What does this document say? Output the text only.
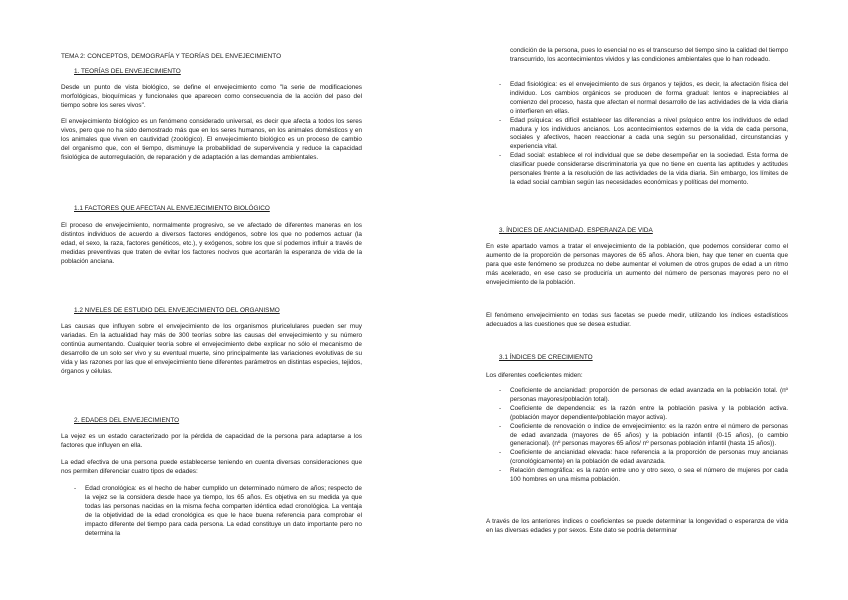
TEMA 2: CONCEPTOS, DEMOGRAFÍA Y TEORÍAS DEL ENVEJECIMIENTO

1. TEORÍAS DEL ENVEJECIMIENTO

Desde un punto de vista biológico, se define el envejecimiento como "la serie de modificaciones morfológicas, bioquímicas y funcionales que aparecen como consecuencia de la acción del paso del tiempo sobre los seres vivos".

El envejecimiento biológico es un fenómeno considerado universal, es decir que afecta a todos los seres vivos, pero que no ha sido demostrado más que en los seres humanos, en los animales domésticos y en los animales que viven en cautividad (zoológico). El envejecimiento biológico es un proceso de cambio del organismo que, con el tiempo, disminuye la probabilidad de supervivencia y reduce la capacidad fisiológica de autorregulación, de reparación y de adaptación a las demandas ambientales.

1.1 FACTORES QUE AFECTAN AL ENVEJECIMIENTO BIOLÓGICO

El proceso de envejecimiento, normalmente progresivo, se ve afectado de diferentes maneras en los distintos individuos de acuerdo a diversos factores endógenos, sobre los que no podemos actuar (la edad, el sexo, la raza, factores genéticos, etc.), y exógenos, sobre los que sí podemos influir a través de medidas preventivas que traten de evitar los factores nocivos que acortarán la esperanza de vida de la población anciana.

1.2 NIVELES DE ESTUDIO DEL ENVEJECIMIENTO DEL ORGANISMO

Las causas que influyen sobre el envejecimiento de los organismos pluricelulares pueden ser muy variadas. En la actualidad hay más de 300 teorías sobre las causas del envejecimiento y su número continúa aumentando. Cualquier teoría sobre el envejecimiento debe explicar no sólo el mecanismo de desarrollo de un solo ser vivo y su eventual muerte, sino principalmente las variaciones evolutivas de su vida y las razones por las que el envejecimiento tiene diferentes parámetros en distintas especies, tejidos, órganos y células.

2. EDADES DEL ENVEJECIMIENTO

La vejez es un estado caracterizado por la pérdida de capacidad de la persona para adaptarse a los factores que influyen en ella.

La edad efectiva de una persona puede establecerse teniendo en cuenta diversas consideraciones que nos permiten diferenciar cuatro tipos de edades:

- Edad cronológica: es el hecho de haber cumplido un determinado número de años; respecto de la vejez se la considera desde hace ya tiempo, los 65 años. Es objetiva en su medida ya que todas las personas nacidas en la misma fecha comparten idéntica edad cronológica. La ventaja de la objetividad de la edad cronológica es que le hace buena referencia para comprobar el impacto diferente del tiempo para cada persona. La edad constituye un dato importante pero no determina la

condición de la persona, pues lo esencial no es el transcurso del tiempo sino la calidad del tiempo transcurrido, los acontecimientos vividos y las condiciones ambientales que lo han rodeado.

- Edad fisiológica: es el envejecimiento de sus órganos y tejidos, es decir, la afectación física del individuo. Los cambios orgánicos se producen de forma gradual: lentos e inapreciables al comienzo del proceso, hasta que afectan el normal desarrollo de las actividades de la vida diaria o interfieren en ellas.
- Edad psíquica: es difícil establecer las diferencias a nivel psíquico entre los individuos de edad madura y los individuos ancianos. Los acontecimientos externos de la vida de cada persona, sociales y afectivos, hacen reaccionar a cada una según su personalidad, circunstancias y experiencia vital.
- Edad social: establece el rol individual que se debe desempeñar en la sociedad. Esta forma de clasificar puede considerarse discriminatoria ya que no tiene en cuenta las aptitudes y actitudes personales frente a la resolución de las actividades de la vida diaria. Sin embargo, los límites de la edad social cambian según las necesidades económicas y políticas del momento.

3. ÍNDICES DE ANCIANIDAD. ESPERANZA DE VIDA

En este apartado vamos a tratar el envejecimiento de la población, que podemos considerar como el aumento de la proporción de personas mayores de 65 años. Ahora bien, hay que tener en cuenta que para que este fenómeno se produzca no debe aumentar el volumen de otros grupos de edad a un ritmo más acelerado, en ese caso se produciría un aumento del número de personas mayores pero no el envejecimiento de la población.

El fenómeno envejecimiento en todas sus facetas se puede medir, utilizando los índices estadísticos adecuados a las cuestiones que se desea estudiar.

3.1 ÍNDICES DE CRECIMIENTO

Los diferentes coeficientes miden:

- Coeficiente de ancianidad: proporción de personas de edad avanzada en la población total. (nº personas mayores/población total).
- Coeficiente de dependencia: es la razón entre la población pasiva y la población activa. (población mayor dependiente/población mayor activa).
- Coeficiente de renovación o índice de envejecimiento: es la razón entre el número de personas de edad avanzada (mayores de 65 años) y la población infantil (0-15 años), (o cambio generacional). (nº personas mayores 65 años/ nº personas población infantil (hasta 15 años)).
- Coeficiente de ancianidad elevada: hace referencia a la proporción de personas muy ancianas (cronológicamente) en la población de edad avanzada.
- Relación demográfica: es la razón entre uno y otro sexo, o sea el número de mujeres por cada 100 hombres en una misma población.

A través de los anteriores índices o coeficientes se puede determinar la longevidad o esperanza de vida en las diversas edades y por sexos. Este dato se podría determinar
